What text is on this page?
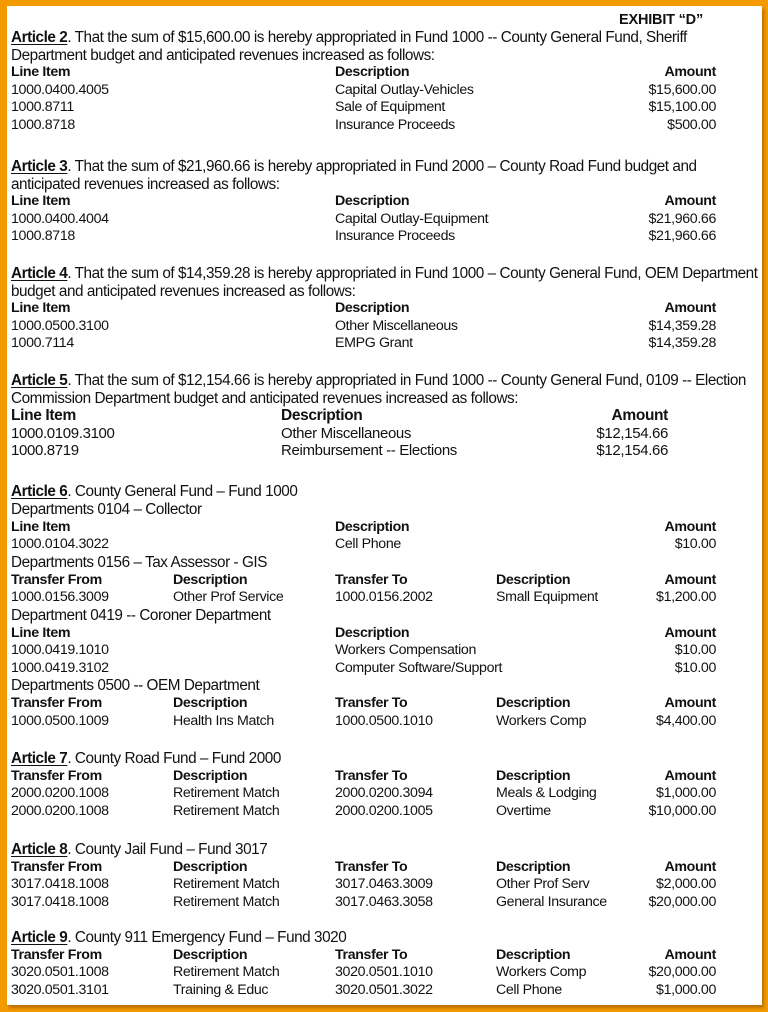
EXHIBIT “D”
Article 2. That the sum of $15,600.00 is hereby appropriated in Fund 1000 -- County General Fund, Sheriff Department budget and anticipated revenues increased as follows:
Line Item	Description	Amount
1000.0400.4005	Capital Outlay-Vehicles	$15,600.00
1000.8711	Sale of Equipment	$15,100.00
1000.8718	Insurance Proceeds	$500.00
Article 3. That the sum of $21,960.66 is hereby appropriated in Fund 2000 – County Road Fund budget and anticipated revenues increased as follows:
Line Item	Description	Amount
1000.0400.4004	Capital Outlay-Equipment	$21,960.66
1000.8718	Insurance Proceeds	$21,960.66
Article 4. That the sum of $14,359.28 is hereby appropriated in Fund 1000 – County General Fund, OEM Department budget and anticipated revenues increased as follows:
Line Item	Description	Amount
1000.0500.3100	Other Miscellaneous	$14,359.28
1000.7114	EMPG Grant	$14,359.28
Article 5. That the sum of $12,154.66 is hereby appropriated in Fund 1000 -- County General Fund, 0109 -- Election Commission Department budget and anticipated revenues increased as follows:
Line Item	Description	Amount
1000.0109.3100	Other Miscellaneous	$12,154.66
1000.8719	Reimbursement -- Elections	$12,154.66
Article 6. County General Fund – Fund 1000
Departments 0104 – Collector
Line Item	Description	Amount
1000.0104.3022	Cell Phone	$10.00
Departments 0156 – Tax Assessor - GIS
Transfer From	Description	Transfer To	Description	Amount
1000.0156.3009	Other Prof Service	1000.0156.2002	Small Equipment	$1,200.00
Department 0419 -- Coroner Department
Line Item	Description	Amount
1000.0419.1010	Workers Compensation	$10.00
1000.0419.3102	Computer Software/Support	$10.00
Departments 0500 -- OEM Department
Transfer From	Description	Transfer To	Description	Amount
1000.0500.1009	Health Ins Match	1000.0500.1010	Workers Comp	$4,400.00
Article 7. County Road Fund – Fund 2000
Transfer From	Description	Transfer To	Description	Amount
2000.0200.1008	Retirement Match	2000.0200.3094	Meals & Lodging	$1,000.00
2000.0200.1008	Retirement Match	2000.0200.1005	Overtime	$10,000.00
Article 8. County Jail Fund – Fund 3017
Transfer From	Description	Transfer To	Description	Amount
3017.0418.1008	Retirement Match	3017.0463.3009	Other Prof Serv	$2,000.00
3017.0418.1008	Retirement Match	3017.0463.3058	General Insurance	$20,000.00
Article 9. County 911 Emergency Fund – Fund 3020
Transfer From	Description	Transfer To	Description	Amount
3020.0501.1008	Retirement Match	3020.0501.1010	Workers Comp	$20,000.00
3020.0501.3101	Training & Educ	3020.0501.3022	Cell Phone	$1,000.00
